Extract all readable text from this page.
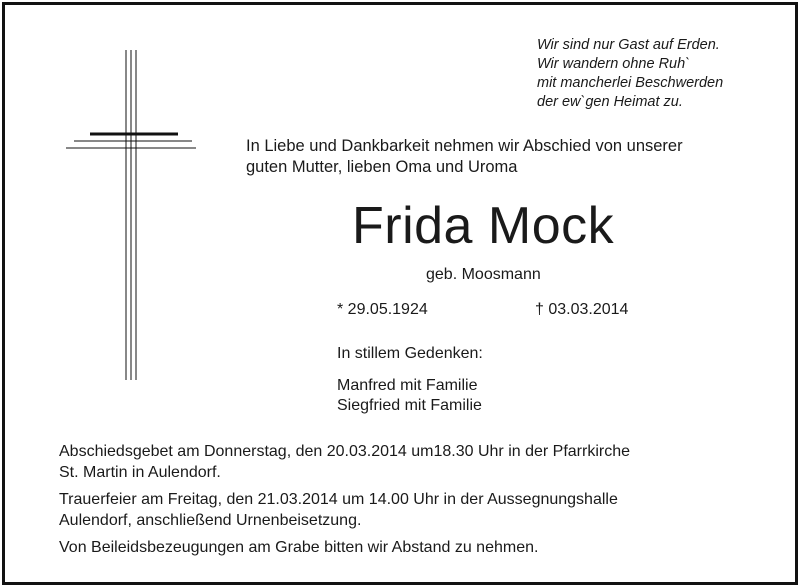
Wir sind nur Gast auf Erden.
Wir wandern ohne Ruh`
mit mancherlei Beschwerden
der ew`gen Heimat zu.
In Liebe und Dankbarkeit nehmen wir Abschied von unserer
guten Mutter, lieben Oma und Uroma
Frida Mock
geb. Moosmann
* 29.05.1924	† 03.03.2014
In stillem Gedenken:
Manfred mit Familie
Siegfried mit Familie

Abschiedsgebet am Donnerstag, den 20.03.2014 um18.30 Uhr in der Pfarrkirche
St. Martin in Aulendorf.

Trauerfeier am Freitag, den 21.03.2014 um 14.00 Uhr in der Aussegnungshalle
Aulendorf, anschließend Urnenbeisetzung.

Von Beileidsbezeugungen am Grabe bitten wir Abstand zu nehmen.
